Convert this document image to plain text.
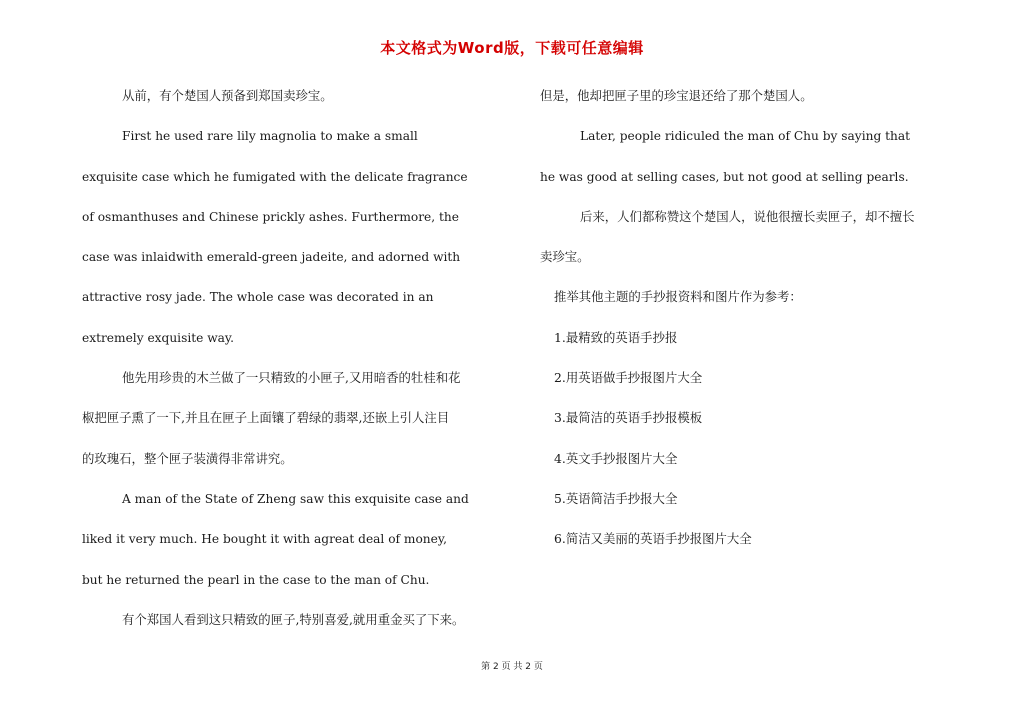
本文格式为Word版，下载可任意编辑
从前，有个楚国人预备到郑国卖珍宝。
First he used rare lily magnolia to make a small
exquisite case which he fumigated with the delicate fragrance
of osmanthuses and Chinese prickly ashes. Furthermore, the
case was inlaidwith emerald-green jadeite, and adorned with
attractive rosy jade. The whole case was decorated in an
extremely exquisite way.
他先用珍贵的木兰做了一只精致的小匣子,又用暗香的牡桂和花
椒把匣子熏了一下,并且在匣子上面镶了碧绿的翡翠,还嵌上引人注目
的玫瑰石，整个匣子装潢得非常讲究。
A man of the State of Zheng saw this exquisite case and
liked it very much. He bought it with agreat deal of money,
but he returned the pearl in the case to the man of Chu.
有个郑国人看到这只精致的匣子,特别喜爱,就用重金买了下来。
但是，他却把匣子里的珍宝退还给了那个楚国人。
Later, people ridiculed the man of Chu by saying that
he was good at selling cases, but not good at selling pearls.
后来，人们都称赞这个楚国人，说他很擅长卖匣子，却不擅长
卖珍宝。
推举其他主题的手抄报资料和图片作为参考：
1.最精致的英语手抄报
2.用英语做手抄报图片大全
3.最简洁的英语手抄报模板
4.英文手抄报图片大全
5.英语简洁手抄报大全
6.简洁又美丽的英语手抄报图片大全
第 2 页 共 2 页
